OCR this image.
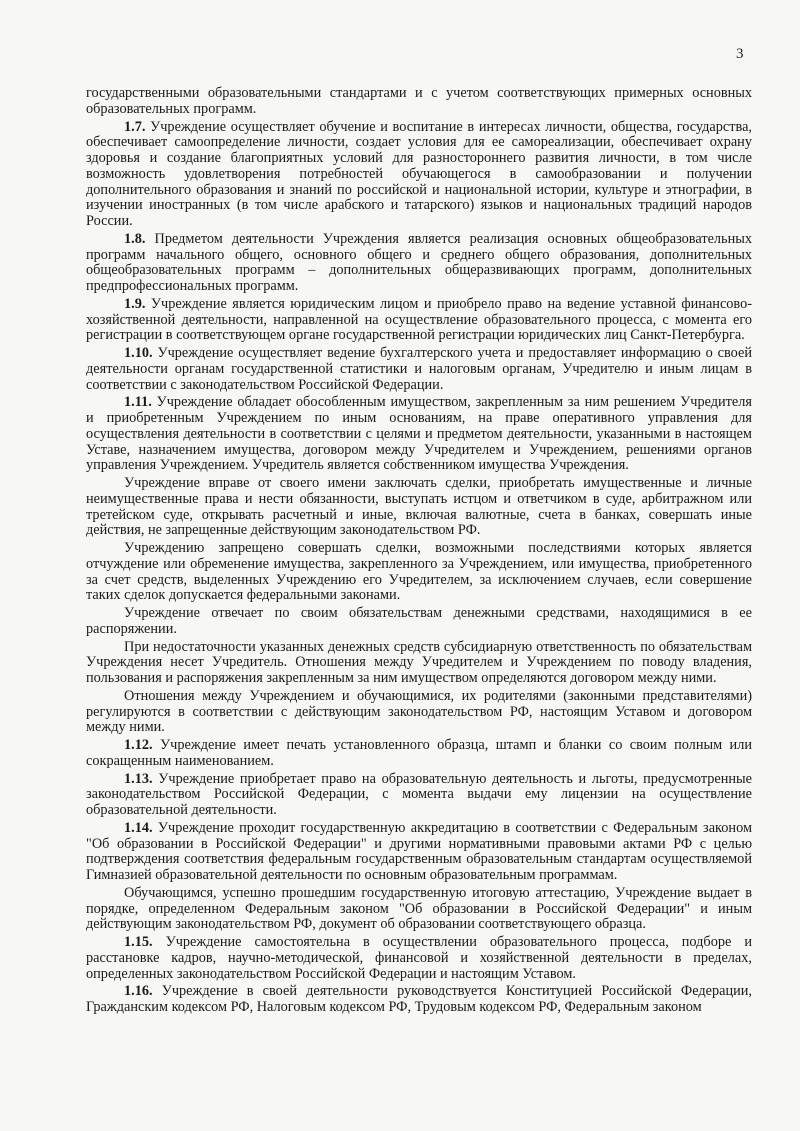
3

государственными образовательными стандартами и с учетом соответствующих примерных основных образовательных программ.

1.7. Учреждение осуществляет обучение и воспитание в интересах личности, общества, государства, обеспечивает самоопределение личности, создает условия для ее самореализации, обеспечивает охрану здоровья и создание благоприятных условий для разностороннего развития личности, в том числе возможность удовлетворения потребностей обучающегося в самообразовании и получении дополнительного образования и знаний по российской и национальной истории, культуре и этнографии, в изучении иностранных (в том числе арабского и татарского) языков и национальных традиций народов России.

1.8. Предметом деятельности Учреждения является реализация основных общеобразовательных программ начального общего, основного общего и среднего общего образования, дополнительных общеобразовательных программ – дополнительных общеразвивающих программ, дополнительных предпрофессиональных программ.

1.9. Учреждение является юридическим лицом и приобрело право на ведение уставной финансово-хозяйственной деятельности, направленной на осуществление образовательного процесса, с момента его регистрации в соответствующем органе государственной регистрации юридических лиц Санкт-Петербурга.

1.10. Учреждение осуществляет ведение бухгалтерского учета и предоставляет информацию о своей деятельности органам государственной статистики и налоговым органам, Учредителю и иным лицам в соответствии с законодательством Российской Федерации.

1.11. Учреждение обладает обособленным имуществом, закрепленным за ним решением Учредителя и приобретенным Учреждением по иным основаниям, на праве оперативного управления для осуществления деятельности в соответствии с целями и предметом деятельности, указанными в настоящем Уставе, назначением имущества, договором между Учредителем и Учреждением, решениями органов управления Учреждением. Учредитель является собственником имущества Учреждения.

Учреждение вправе от своего имени заключать сделки, приобретать имущественные и личные неимущественные права и нести обязанности, выступать истцом и ответчиком в суде, арбитражном или третейском суде, открывать расчетный и иные, включая валютные, счета в банках, совершать иные действия, не запрещенные действующим законодательством РФ.

Учреждению запрещено совершать сделки, возможными последствиями которых является отчуждение или обременение имущества, закрепленного за Учреждением, или имущества, приобретенного за счет средств, выделенных Учреждению его Учредителем, за исключением случаев, если совершение таких сделок допускается федеральными законами.

Учреждение отвечает по своим обязательствам денежными средствами, находящимися в ее распоряжении.

При недостаточности указанных денежных средств субсидиарную ответственность по обязательствам Учреждения несет Учредитель. Отношения между Учредителем и Учреждением по поводу владения, пользования и распоряжения закрепленным за ним имуществом определяются договором между ними.

Отношения между Учреждением и обучающимися, их родителями (законными представителями) регулируются в соответствии с действующим законодательством РФ, настоящим Уставом и договором между ними.

1.12. Учреждение имеет печать установленного образца, штамп и бланки со своим полным или сокращенным наименованием.

1.13. Учреждение приобретает право на образовательную деятельность и льготы, предусмотренные законодательством Российской Федерации, с момента выдачи ему лицензии на осуществление образовательной деятельности.

1.14. Учреждение проходит государственную аккредитацию в соответствии с Федеральным законом "Об образовании в Российской Федерации" и другими нормативными правовыми актами РФ с целью подтверждения соответствия федеральным государственным образовательным стандартам осуществляемой Гимназией образовательной деятельности по основным образовательным программам.

Обучающимся, успешно прошедшим государственную итоговую аттестацию, Учреждение выдает в порядке, определенном Федеральным законом "Об образовании в Российской Федерации" и иным действующим законодательством РФ, документ об образовании соответствующего образца.

1.15. Учреждение самостоятельна в осуществлении образовательного процесса, подборе и расстановке кадров, научно-методической, финансовой и хозяйственной деятельности в пределах, определенных законодательством Российской Федерации и настоящим Уставом.

1.16. Учреждение в своей деятельности руководствуется Конституцией Российской Федерации, Гражданским кодексом РФ, Налоговым кодексом РФ, Трудовым кодексом РФ, Федеральным законом
